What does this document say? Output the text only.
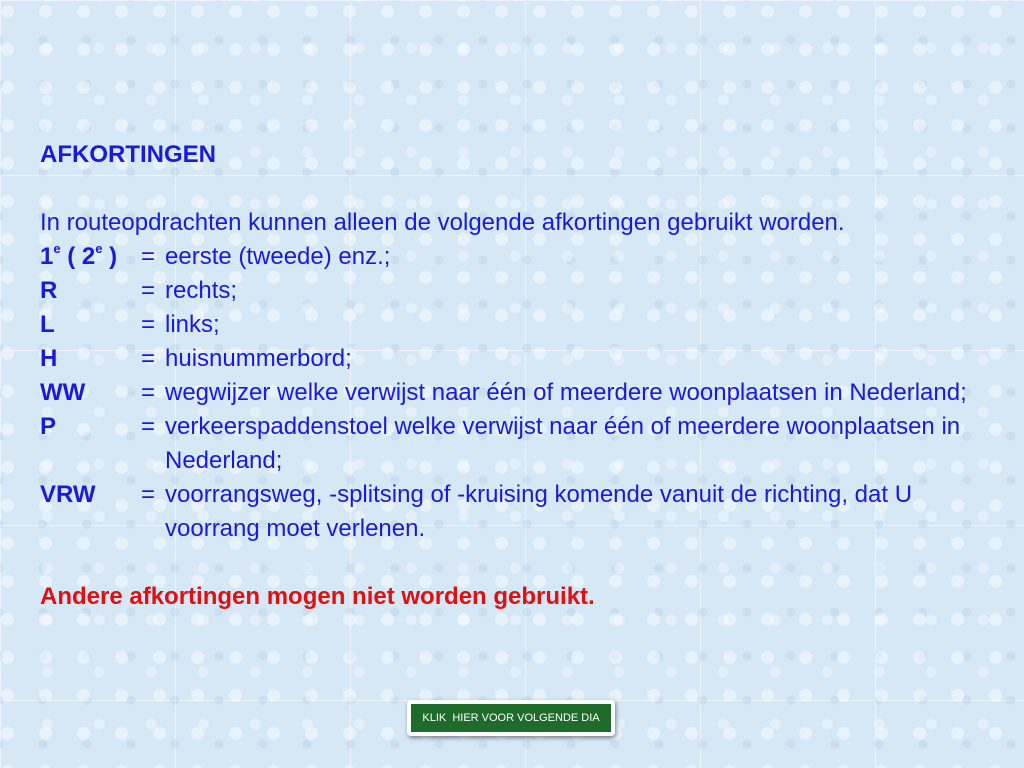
AFKORTINGEN

In routeopdrachten kunnen alleen de volgende afkortingen gebruikt worden.

1e ( 2e ) = eerste (tweede) enz.;
R	= rechts;
L	= links;
H	= huisnummerbord;
WW	= wegwijzer welke verwijst naar één of meerdere woonplaatsen in Nederland;
P	= verkeerspaddenstoel welke verwijst naar één of meerdere woonplaatsen in Nederland;
VRW	= voorrangsweg, -splitsing of -kruising komende vanuit de richting, dat U voorrang moet verlenen.
Andere afkortingen mogen niet worden gebruikt.
KLIK  HIER VOOR VOLGENDE DIA
